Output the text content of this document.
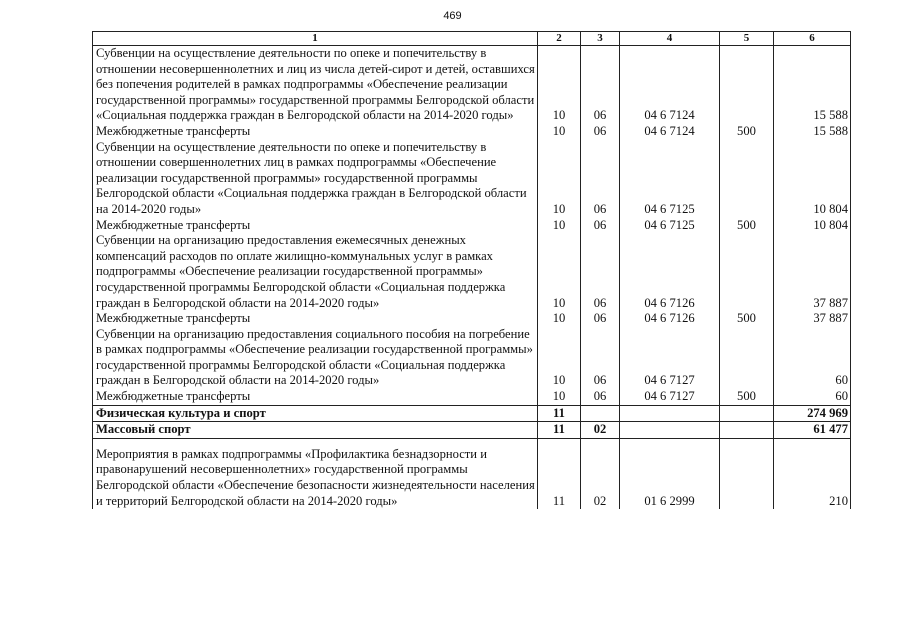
469
1	2	3	4	5	6
Субвенции на осуществление деятельности по опеке и попечительству в отношении несовершеннолетних и лиц из числа детей-сирот и детей, оставшихся без попечения родителей в рамках подпрограммы «Обеспечение реализации государственной программы» государственной программы Белгородской области «Социальная поддержка граждан в Белгородской области на 2014-2020 годы»	10	06	04 6 7124		15 588
Межбюджетные трансферты	10	06	04 6 7124	500	15 588
Субвенции на осуществление деятельности по опеке и попечительству в отношении совершеннолетних лиц в рамках подпрограммы «Обеспечение реализации государственной программы» государственной программы Белгородской области «Социальная поддержка граждан в Белгородской области на 2014-2020 годы»	10	06	04 6 7125		10 804
Межбюджетные трансферты	10	06	04 6 7125	500	10 804
Субвенции на организацию предоставления ежемесячных денежных компенсаций расходов по оплате жилищно-коммунальных услуг в рамках подпрограммы «Обеспечение реализации государственной программы» государственной программы Белгородской области «Социальная поддержка граждан в Белгородской области на 2014-2020 годы»	10	06	04 6 7126		37 887
Межбюджетные трансферты	10	06	04 6 7126	500	37 887
Субвенции на организацию предоставления социального пособия на погребение в рамках подпрограммы «Обеспечение реализации государственной программы» государственной программы Белгородской области «Социальная поддержка граждан в Белгородской области на 2014-2020 годы»	10	06	04 6 7127		60
Межбюджетные трансферты	10	06	04 6 7127	500	60
Физическая культура и спорт	11				274 969
Массовый спорт	11	02			61 477

Мероприятия в рамках подпрограммы «Профилактика безнадзорности и правонарушений несовершеннолетних» государственной программы Белгородской области «Обеспечение безопасности жизнедеятельности населения и территорий Белгородской области на 2014-2020 годы»	11	02	01 6 2999		210
